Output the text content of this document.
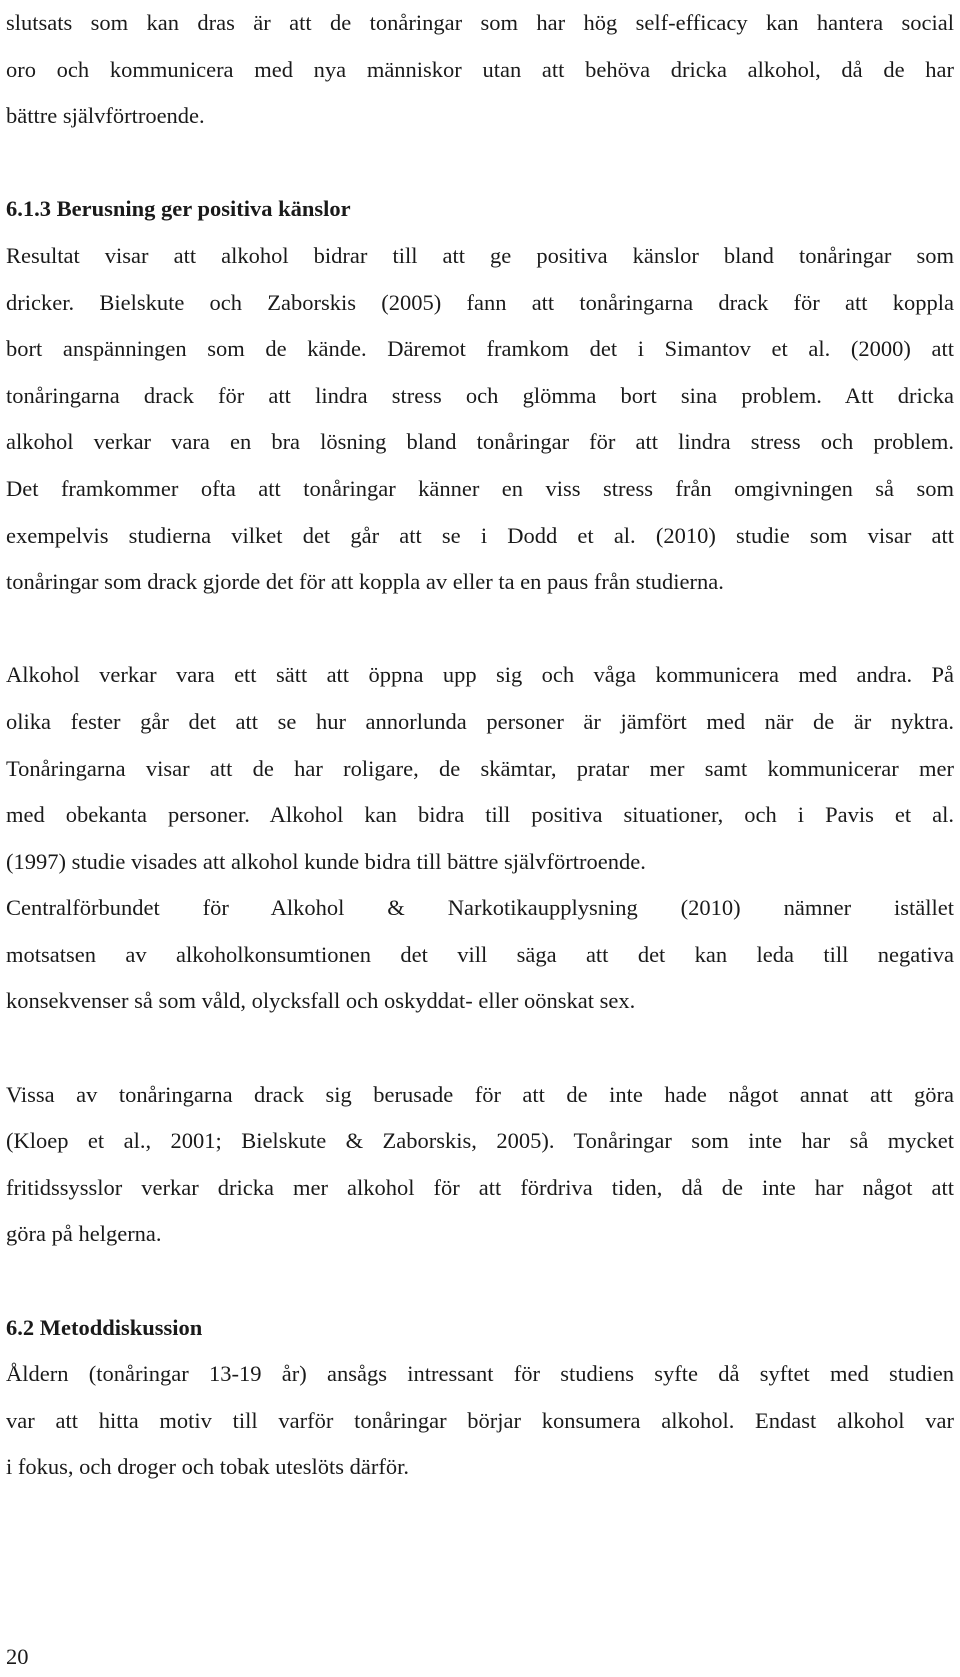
slutsats som kan dras är att de tonåringar som har hög self-efficacy kan hantera social
oro och kommunicera med nya människor utan att behöva dricka alkohol, då de har
bättre självförtroende.
6.1.3 Berusning ger positiva känslor
Resultat visar att alkohol bidrar till att ge positiva känslor bland tonåringar som
dricker. Bielskute och Zaborskis (2005) fann att tonåringarna drack för att koppla
bort anspänningen som de kände. Däremot framkom det i Simantov et al. (2000) att
tonåringarna drack för att lindra stress och glömma bort sina problem. Att dricka
alkohol verkar vara en bra lösning bland tonåringar för att lindra stress och problem.
Det framkommer ofta att tonåringar känner en viss stress från omgivningen så som
exempelvis studierna vilket det går att se i Dodd et al. (2010) studie som visar att
tonåringar som drack gjorde det för att koppla av eller ta en paus från studierna.
Alkohol verkar vara ett sätt att öppna upp sig och våga kommunicera med andra. På
olika fester går det att se hur annorlunda personer är jämfört med när de är nyktra.
Tonåringarna visar att de har roligare, de skämtar, pratar mer samt kommunicerar mer
med obekanta personer. Alkohol kan bidra till positiva situationer, och i Pavis et al.
(1997) studie visades att alkohol kunde bidra till bättre självförtroende.
Centralförbundet för Alkohol & Narkotikaupplysning (2010) nämner istället
motsatsen av alkoholkonsumtionen det vill säga att det kan leda till negativa
konsekvenser så som våld, olycksfall och oskyddat- eller oönskat sex.
Vissa av tonåringarna drack sig berusade för att de inte hade något annat att göra
(Kloep et al., 2001; Bielskute & Zaborskis, 2005). Tonåringar som inte har så mycket
fritidssysslor verkar dricka mer alkohol för att fördriva tiden, då de inte har något att
göra på helgerna.
6.2 Metoddiskussion
Åldern (tonåringar 13-19 år) ansågs intressant för studiens syfte då syftet med studien
var att hitta motiv till varför tonåringar börjar konsumera alkohol. Endast alkohol var
i fokus, och droger och tobak uteslöts därför.
20
